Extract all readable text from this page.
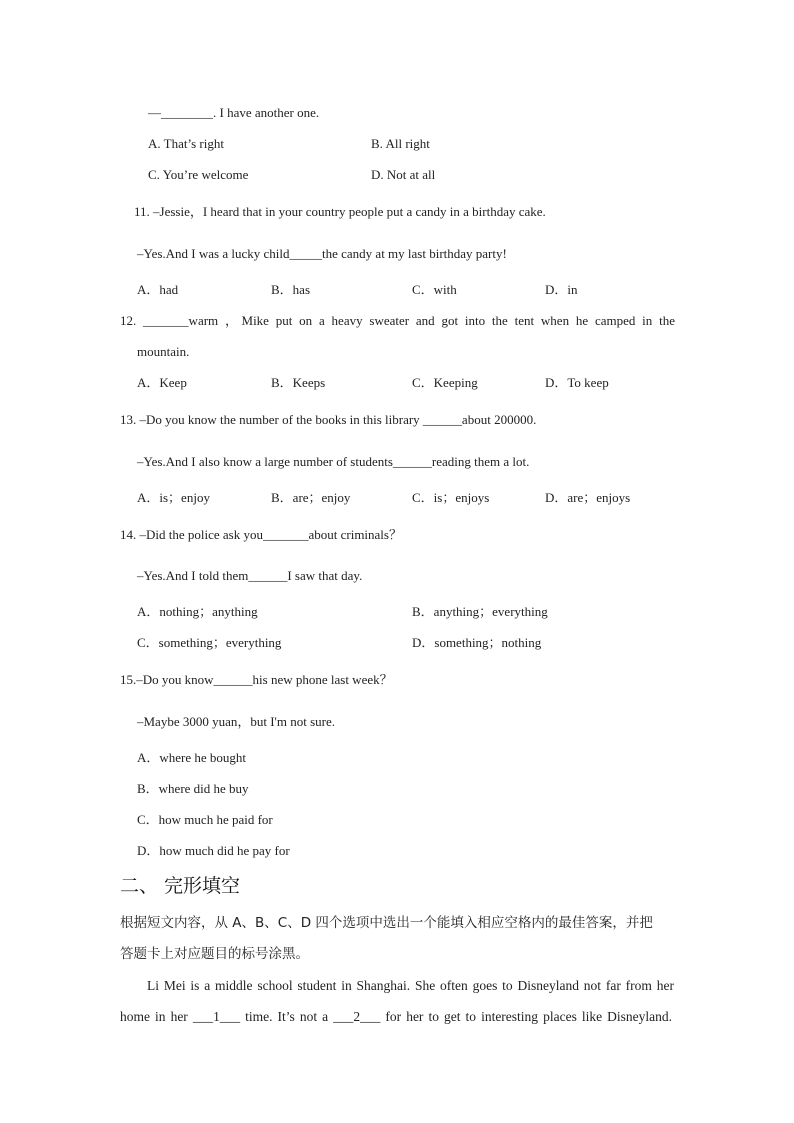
—________. I have another one.
A. That’s right	B. All right
C. You’re welcome	D. Not at all
11. –Jessie，I heard that in your country people put a candy in a birthday cake.
–Yes.And I was a lucky child_____the candy at my last birthday party!
A．had	B．has	C．with	D．in
12. _______warm ，Mike put on a heavy sweater and got into the tent when he camped in the
mountain.
A．Keep	B．Keeps	C．Keeping	D．To keep
13. –Do you know the number of the books in this library ______about 200000.
–Yes.And I also know a large number of students______reading them a lot.
A．is；enjoy	B．are；enjoy	C．is；enjoys	D．are；enjoys
14. –Did the police ask you_______about criminals？
–Yes.And I told them______I saw that day.
A．nothing；anything	B．anything；everything
C．something；everything	D．something；nothing
15.–Do you know______his new phone last week？
–Maybe 3000 yuan，but I'm not sure.
A．where he bought
B．where did he buy
C．how much he paid for
D．how much did he pay for
二、 完形填空
根据短文内容，从 A、B、C、D 四个选项中选出一个能填入相应空格内的最佳答案，并把
答题卡上对应题目的标号涂黑。
Li Mei is a middle school student in Shanghai. She often goes to Disneyland not far from her
home in her ___1___ time. It’s not a ___2___ for her to get to interesting places like Disneyland.
